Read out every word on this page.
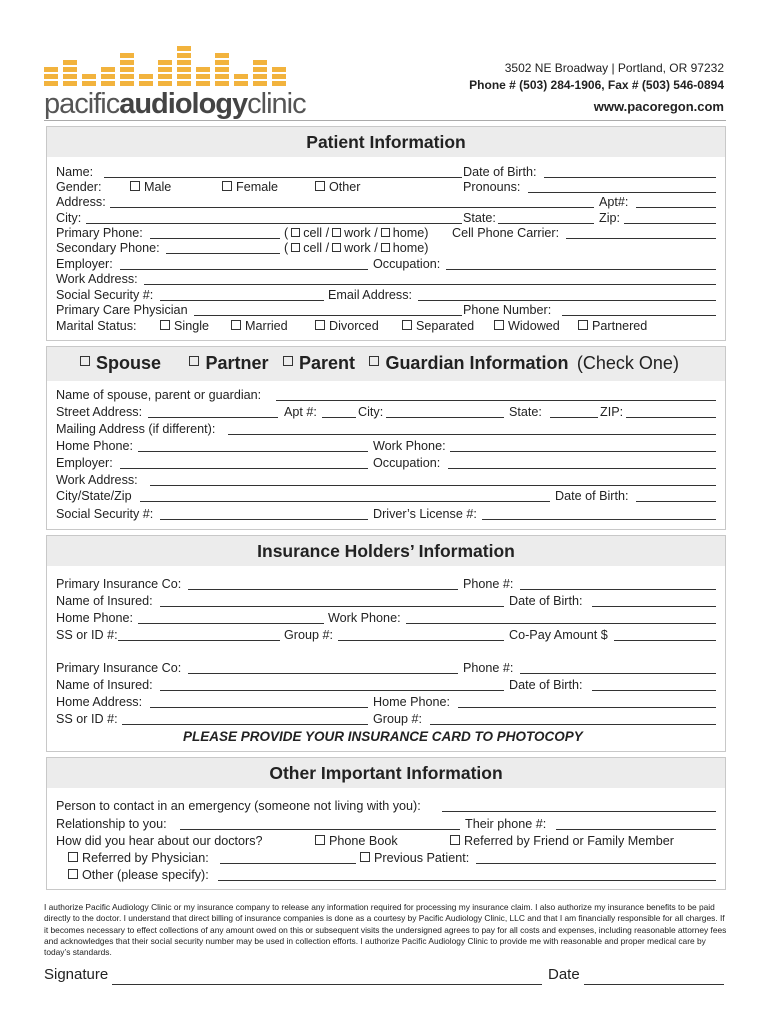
pacificaudiologyclinic
3502 NE Broadway | Portland, OR 97232
Phone # (503) 284-1906, Fax # (503) 546-0894
www.pacoregon.com
Patient Information
Name:	Date of Birth:
Gender:	Male	Female	Other	Pronouns:
Address:	Apt#:
City:	State:	Zip:
Primary Phone:	( cell / work / home) Cell Phone Carrier:
Secondary Phone:	( cell / work / home)
Employer:	Occupation:
Work Address:
Social Security #:	Email Address:
Primary Care Physician	Phone Number:
Marital Status:	Single	Married	Divorced	Separated	Widowed	Partnered
Spouse Partner Parent Guardian Information (Check One)
Name of spouse, parent or guardian:
Street Address:	Apt #:	City:	State:	ZIP:
Mailing Address (if different):
Home Phone:	Work Phone:
Employer:	Occupation:
Work Address:
City/State/Zip	Date of Birth:
Social Security #:	Driver’s License #:
Insurance Holders’ Information
Primary Insurance Co:	Phone #:
Name of Insured:	Date of Birth:
Home Phone:	Work Phone:
SS or ID #:	Group #:	Co-Pay Amount $
Primary Insurance Co:	Phone #:
Name of Insured:	Date of Birth:
Home Address:	Home Phone:
SS or ID #:	Group #:
PLEASE PROVIDE YOUR INSURANCE CARD TO PHOTOCOPY
Other Important Information
Person to contact in an emergency (someone not living with you):
Relationship to you:	Their phone #:
How did you hear about our doctors?	Phone Book	Referred by Friend or Family Member
Referred by Physician:	Previous Patient:
Other (please specify):
I authorize Pacific Audiology Clinic or my insurance company to release any information required for processing my insurance claim. I also authorize my insurance benefits to be paid directly to the doctor. I understand that direct billing of insurance companies is done as a courtesy by Pacific Audiology Clinic, LLC and that I am financially responsible for all charges. If it becomes necessary to effect collections of any amount owed on this or subsequent visits the undersigned agrees to pay for all costs and expenses, including reasonable attorney fees and acknowledges that their social security number may be used in collection efforts. I authorize Pacific Audiology Clinic to provide me with reasonable and proper medical care by today’s standards.
Signature	Date
